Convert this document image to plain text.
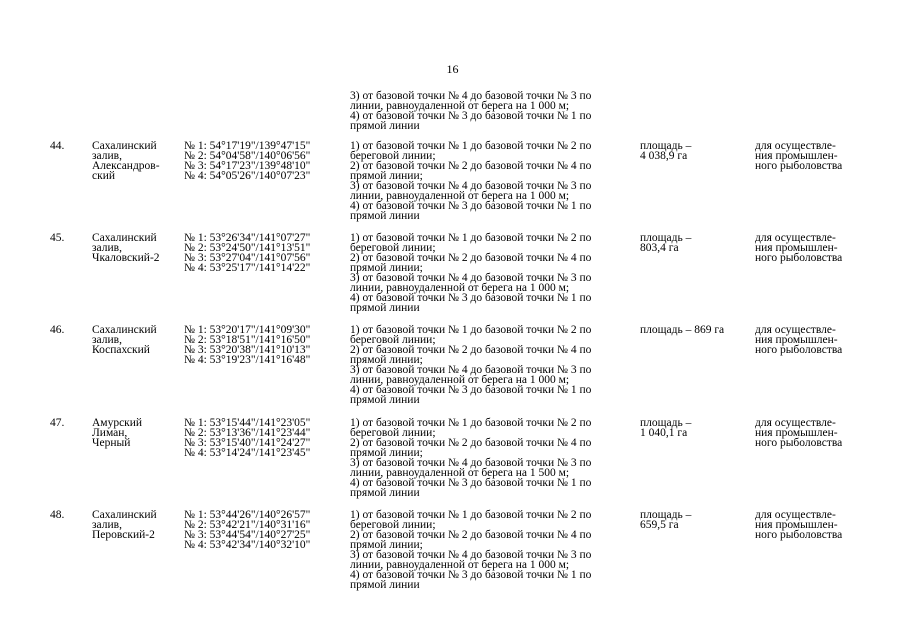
16
3) от базовой точки № 4 до базовой точки № 3 по
линии, равноудаленной от берега на 1 000 м;
4) от базовой точки № 3 до базовой точки № 1 по
прямой линии
44. Сахалинский
залив,
Александров-
ский
№ 1: 54°17'19"/139°47'15"
№ 2: 54°04'58"/140°06'56"
№ 3: 54°17'23"/139°48'10"
№ 4: 54°05'26"/140°07'23"
1) от базовой точки № 1 до базовой точки № 2 по
береговой линии;
2) от базовой точки № 2 до базовой точки № 4 по
прямой линии;
3) от базовой точки № 4 до базовой точки № 3 по
линии, равноудаленной от берега на 1 000 м;
4) от базовой точки № 3 до базовой точки № 1 по
прямой линии
площадь –
4 038,9 га
для осуществле-
ния промышлен-
ного рыболовства
45. Сахалинский
залив,
Чкаловский-2
№ 1: 53°26'34"/141°07'27"
№ 2: 53°24'50"/141°13'51"
№ 3: 53°27'04"/141°07'56"
№ 4: 53°25'17"/141°14'22"
1) от базовой точки № 1 до базовой точки № 2 по
береговой линии;
2) от базовой точки № 2 до базовой точки № 4 по
прямой линии;
3) от базовой точки № 4 до базовой точки № 3 по
линии, равноудаленной от берега на 1 000 м;
4) от базовой точки № 3 до базовой точки № 1 по
прямой линии
площадь –
803,4 га
для осуществле-
ния промышлен-
ного рыболовства
46. Сахалинский
залив,
Коспахский
№ 1: 53°20'17"/141°09'30"
№ 2: 53°18'51"/141°16'50"
№ 3: 53°20'38"/141°10'13"
№ 4: 53°19'23"/141°16'48"
1) от базовой точки № 1 до базовой точки № 2 по
береговой линии;
2) от базовой точки № 2 до базовой точки № 4 по
прямой линии;
3) от базовой точки № 4 до базовой точки № 3 по
линии, равноудаленной от берега на 1 000 м;
4) от базовой точки № 3 до базовой точки № 1 по
прямой линии
площадь – 869 га	для осуществле-
ния промышлен-
ного рыболовства
47. Амурский
Лиман,
Черный
№ 1: 53°15'44"/141°23'05"
№ 2: 53°13'36"/141°23'44"
№ 3: 53°15'40"/141°24'27"
№ 4: 53°14'24"/141°23'45"
1) от базовой точки № 1 до базовой точки № 2 по
береговой линии;
2) от базовой точки № 2 до базовой точки № 4 по
прямой линии;
3) от базовой точки № 4 до базовой точки № 3 по
линии, равноудаленной от берега на 1 500 м;
4) от базовой точки № 3 до базовой точки № 1 по
прямой линии
площадь –
1 040,1 га
для осуществле-
ния промышлен-
ного рыболовства
48. Сахалинский
залив,
Перовский-2
№ 1: 53°44'26"/140°26'57"
№ 2: 53°42'21"/140°31'16"
№ 3: 53°44'54"/140°27'25"
№ 4: 53°42'34"/140°32'10"
1) от базовой точки № 1 до базовой точки № 2 по
береговой линии;
2) от базовой точки № 2 до базовой точки № 4 по
прямой линии;
3) от базовой точки № 4 до базовой точки № 3 по
линии, равноудаленной от берега на 1 000 м;
4) от базовой точки № 3 до базовой точки № 1 по
прямой линии
площадь –
659,5 га
для осуществле-
ния промышлен-
ного рыболовства
